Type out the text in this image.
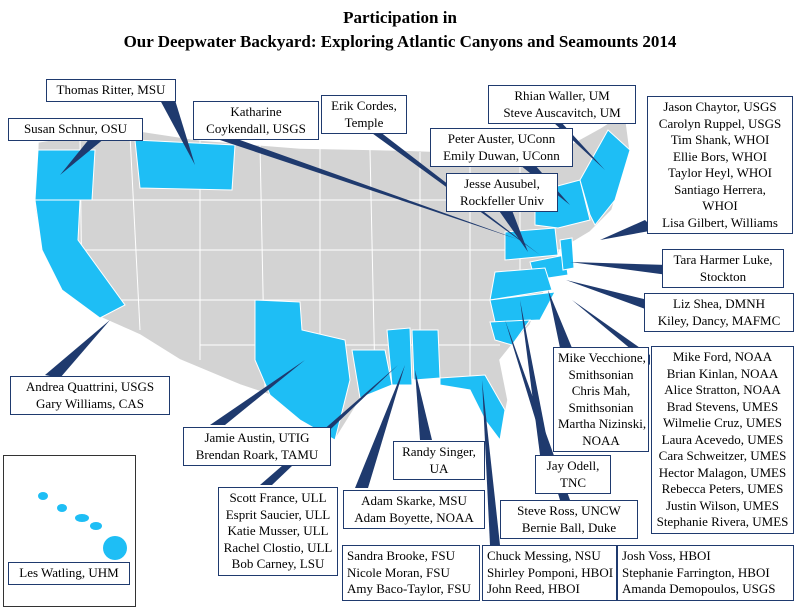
Participation in
Our Deepwater Backyard: Exploring Atlantic Canyons and Seamounts 2014
Thomas Ritter, MSU
Susan Schnur, OSU
Katharine
Coykendall, USGS
Erik Cordes,
Temple
Rhian Waller, UM
Steve Auscavitch, UM	Jason Chaytor, USGS
Carolyn Ruppel, USGS
Tim Shank, WHOI
Ellie Bors, WHOI
Taylor Heyl, WHOI
Santiago Herrera,
WHOI
Lisa Gilbert, Williams
Peter Auster, UConn
Emily Duwan, UConn
Jesse Ausubel,
Rockfeller Univ
Tara Harmer Luke,
Stockton
Liz Shea, DMNH
Kiley, Dancy, MAFMC
Mike Vecchione,
Smithsonian
Chris Mah,
Smithsonian
Martha Nizinski,
NOAA
Mike Ford, NOAA
Brian Kinlan, NOAA
Alice Stratton, NOAA
Brad Stevens, UMES
Wilmelie Cruz, UMES
Laura Acevedo, UMES
Cara Schweitzer, UMES
Hector Malagon, UMES
Rebecca Peters, UMES
Justin Wilson, UMES
Stephanie Rivera, UMES
Andrea Quattrini, USGS
Gary Williams, CAS
Jamie Austin, UTIG
Brendan Roark, TAMU	Randy Singer,
UA	Jay Odell,
TNC
Scott France, ULL
Esprit Saucier, ULL
Katie Musser, ULL
Rachel Clostio, ULL
Bob Carney, LSU
Adam Skarke, MSU
Adam Boyette, NOAA	Steve Ross, UNCW
Bernie Ball, Duke
Les Watling, UHM
Sandra Brooke, FSU
Nicole Moran, FSU
Amy Baco-Taylor, FSU
Chuck Messing, NSU
Shirley Pomponi, HBOI
John Reed, HBOI
Josh Voss, HBOI
Stephanie Farrington, HBOI
Amanda Demopoulos, USGS
